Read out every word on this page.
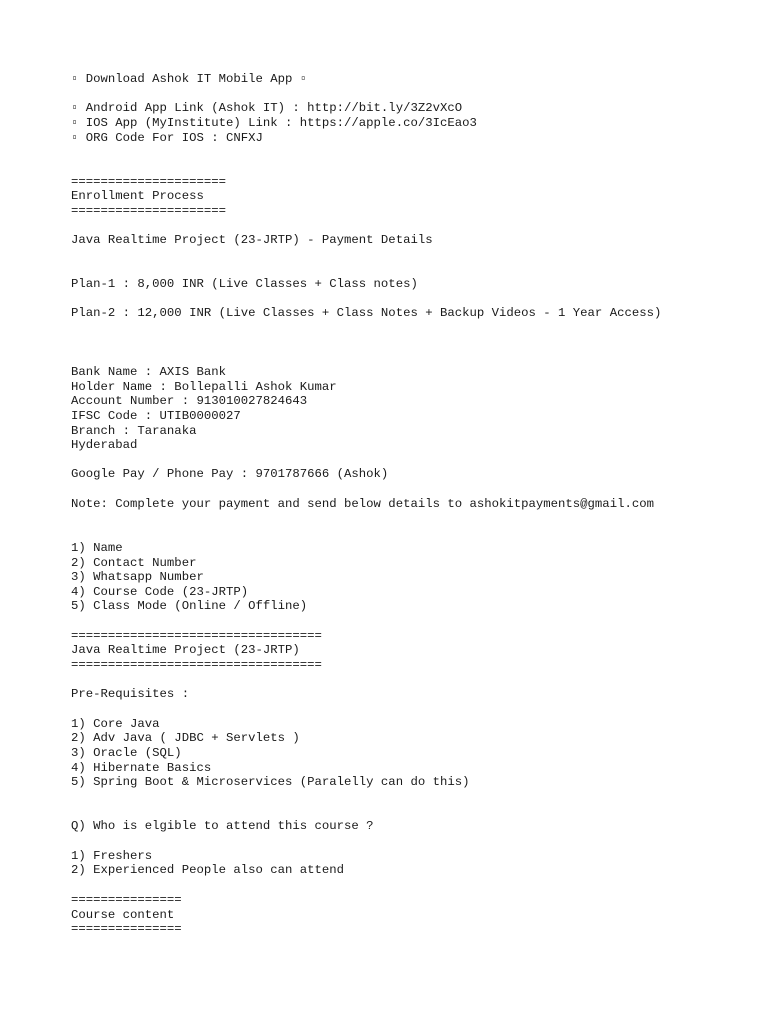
▫ Download Ashok IT Mobile App ▫
▫ Android App Link (Ashok IT) : http://bit.ly/3Z2vXcO
▫ IOS App (MyInstitute) Link : https://apple.co/3IcEao3
▫ ORG Code For IOS : CNFXJ
=====================
Enrollment Process
=====================
Java Realtime Project (23-JRTP) - Payment Details
Plan-1 : 8,000 INR (Live Classes + Class notes)
Plan-2 : 12,000 INR (Live Classes + Class Notes + Backup Videos - 1 Year Access)
Bank Name : AXIS Bank
Holder Name : Bollepalli Ashok Kumar
Account Number : 913010027824643
IFSC Code : UTIB0000027
Branch : Taranaka
Hyderabad
Google Pay / Phone Pay : 9701787666 (Ashok)
Note: Complete your payment and send below details to ashokitpayments@gmail.com
1) Name
2) Contact Number
3) Whatsapp Number
4) Course Code (23-JRTP)
5) Class Mode (Online / Offline)
==================================
Java Realtime Project (23-JRTP)
==================================
Pre-Requisites :
1) Core Java
2) Adv Java ( JDBC + Servlets )
3) Oracle (SQL)
4) Hibernate Basics
5) Spring Boot & Microservices (Paralelly can do this)
Q) Who is elgible to attend this course ?
1) Freshers
2) Experienced People also can attend
===============
Course content
===============
